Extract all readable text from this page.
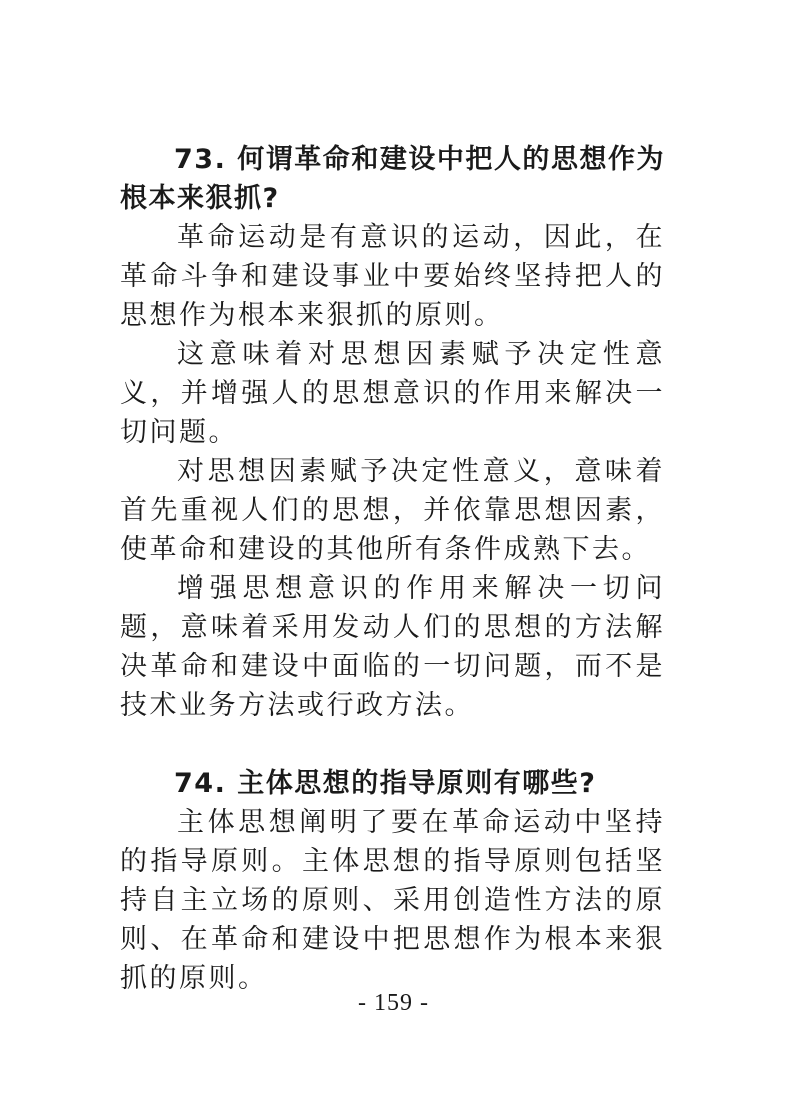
73. 何谓革命和建设中把人的思想作为根本来狠抓?

革命运动是有意识的运动，因此，在革命斗争和建设事业中要始终坚持把人的思想作为根本来狠抓的原则。

这意味着对思想因素赋予决定性意义，并增强人的思想意识的作用来解决一切问题。

对思想因素赋予决定性意义，意味着首先重视人们的思想，并依靠思想因素，使革命和建设的其他所有条件成熟下去。

增强思想意识的作用来解决一切问题，意味着采用发动人们的思想的方法解决革命和建设中面临的一切问题，而不是技术业务方法或行政方法。

74. 主体思想的指导原则有哪些?

主体思想阐明了要在革命运动中坚持的指导原则。主体思想的指导原则包括坚持自主立场的原则、采用创造性方法的原则、在革命和建设中把思想作为根本来狠抓的原则。

- 159 -
